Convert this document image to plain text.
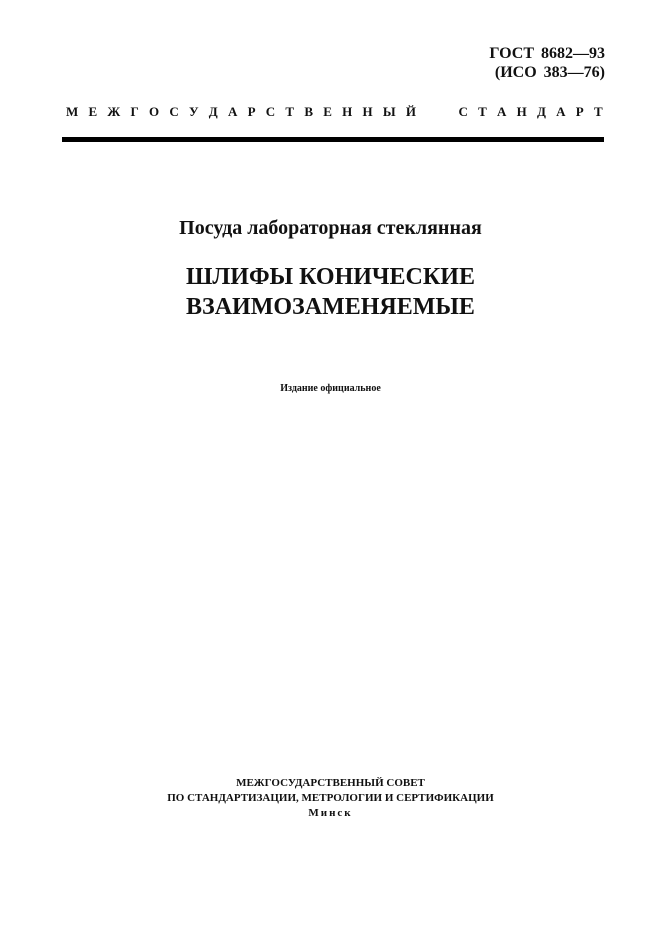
ГОСТ 8682—93
(ИСО 383—76)
М Е Ж Г О С У Д А Р С Т В Е Н Н Ы Й	С Т А Н Д А Р Т
Посуда лабораторная стеклянная
ШЛИФЫ КОНИЧЕСКИЕ
ВЗАИМОЗАМЕНЯЕМЫЕ
Издание официальное
МЕЖГОСУДАРСТВЕННЫЙ СОВЕТ
ПО СТАНДАРТИЗАЦИИ, МЕТРОЛОГИИ И СЕРТИФИКАЦИИ
Минск
